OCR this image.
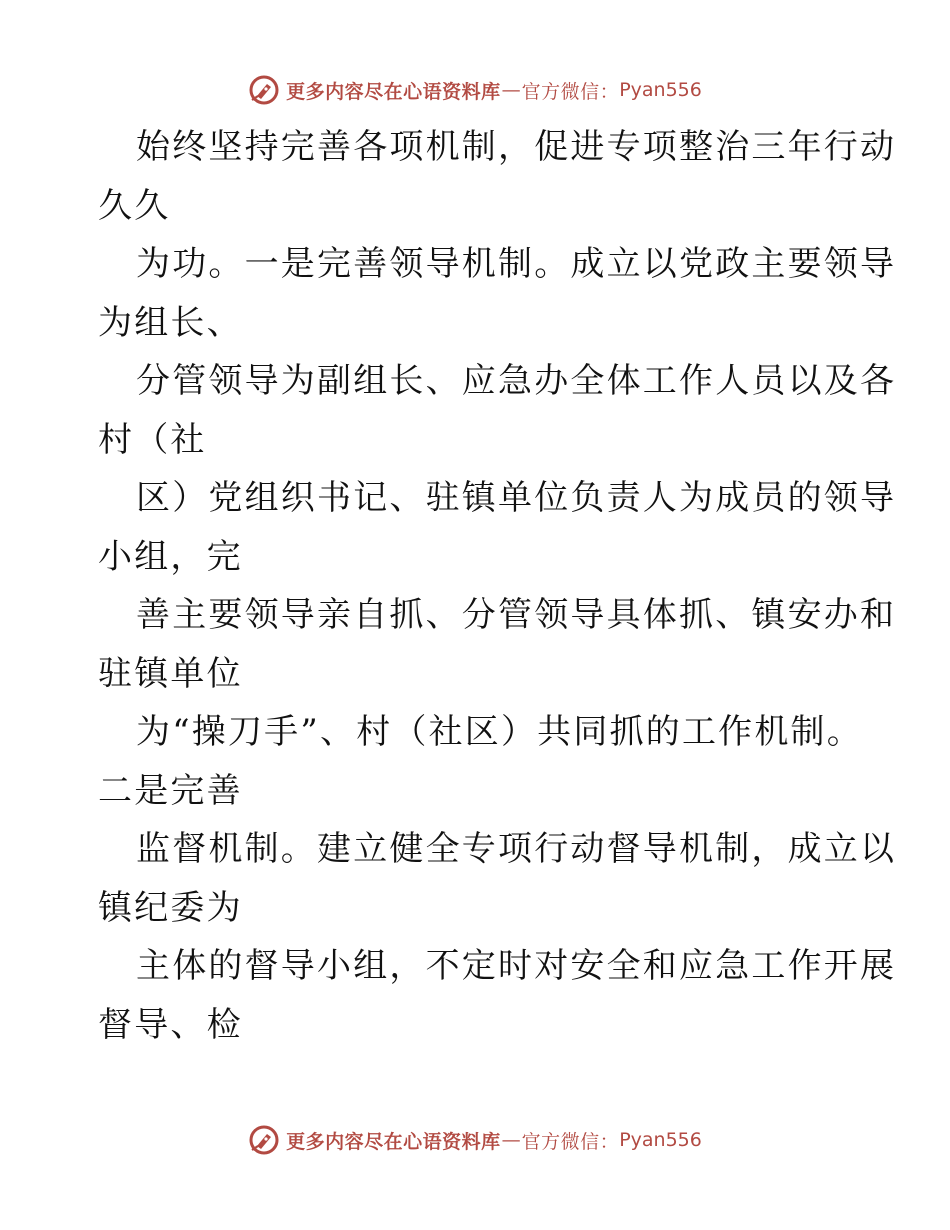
更多内容尽在心语资料库 — 官方微信： Pyan556
始终坚持完善各项机制，促进专项整治三年行动
久久
为功。一是完善领导机制。成立以党政主要领导
为组长、
分管领导为副组长、应急办全体工作人员以及各
村（社
区）党组织书记、驻镇单位负责人为成员的领导
小组，完
善主要领导亲自抓、分管领导具体抓、镇安办和
驻镇单位
为“操刀手”、村（社区）共同抓的工作机制。
二是完善
监督机制。建立健全专项行动督导机制，成立以
镇纪委为
主体的督导小组，不定时对安全和应急工作开展
督导、检
更多内容尽在心语资料库 — 官方微信： Pyan556
